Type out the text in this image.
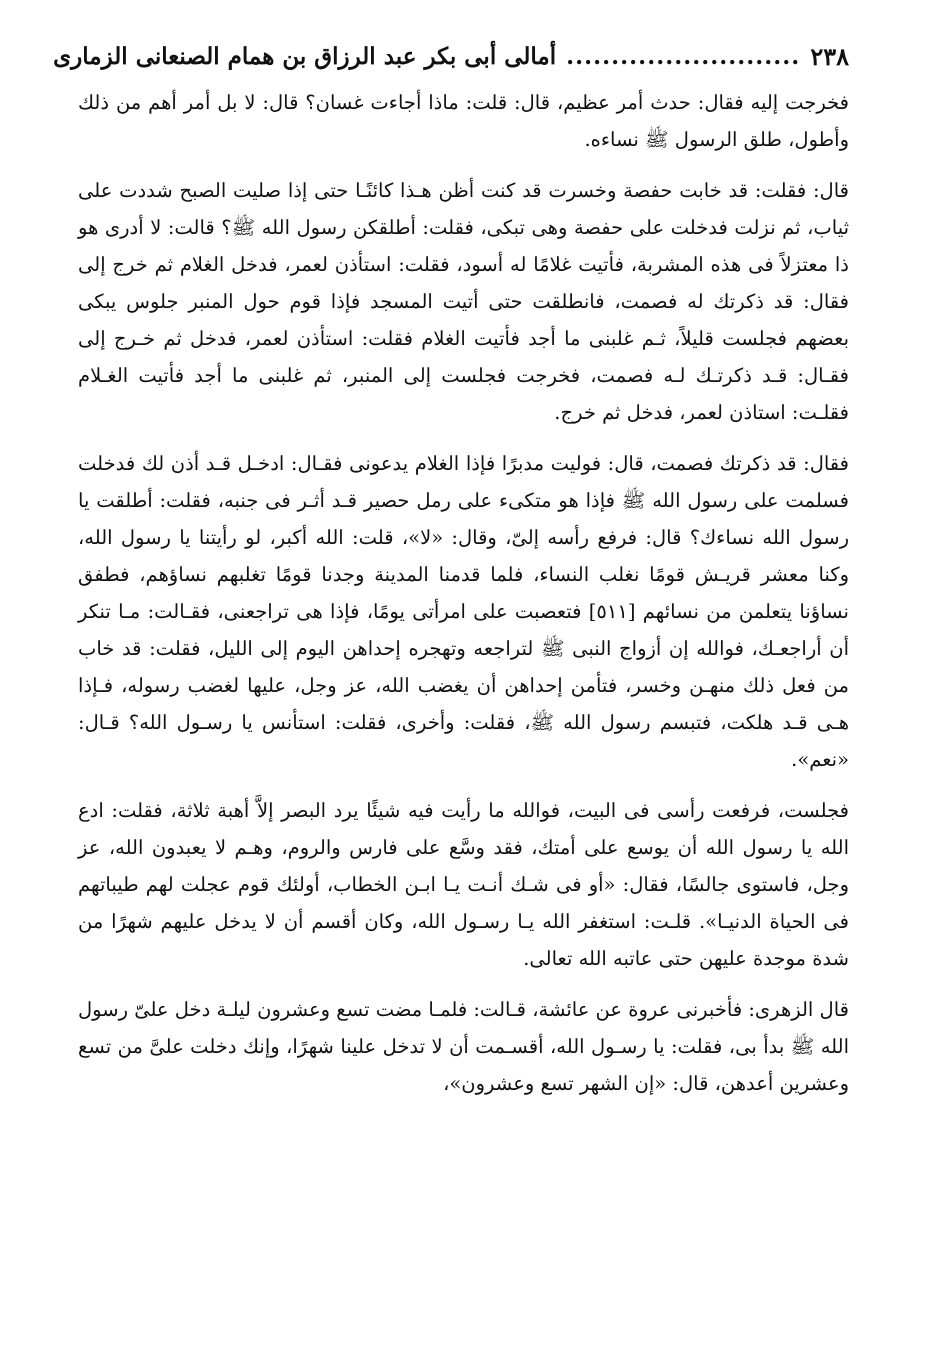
٢٣٨
..........................
أمالى أبى بكر عبد الرزاق بن همام الصنعانى الزمارى

فخرجت إليه فقال: حدث أمر عظيم، قال: قلت: ماذا أجاءت غسان؟ قال: لا بل أمر أهم من ذلك وأطول، طلق الرسول ﷺ نساءه.

قال: فقلت: قد خابت حفصة وخسرت قد كنت أظن هـذا كائنًـا حتى إذا صليت الصبح شددت على ثياب، ثم نزلت فدخلت على حفصة وهى تبكى، فقلت: أطلقكن رسول الله ﷺ؟ قالت: لا أدرى هو ذا معتزلاً فى هذه المشربة، فأتيت غلامًا له أسود، فقلت: استأذن لعمر، فدخل الغلام ثم خرج إلى فقال: قد ذكرتك له فصمت، فانطلقت حتى أتيت المسجد فإذا قوم حول المنبر جلوس يبكى بعضهم فجلست قليلاً، ثـم غلبنى ما أجد فأتيت الغلام فقلت: استأذن لعمر، فدخل ثم خـرج إلى فقـال: قـد ذكرتـك لـه فصمت، فخرجت فجلست إلى المنبر، ثم غلبنى ما أجد فأتيت الغـلام فقلـت: استاذن لعمر، فدخل ثم خرج.

فقال: قد ذكرتك فصمت، قال: فوليت مدبرًا فإذا الغلام يدعونى فقـال: ادخـل قـد أذن لك فدخلت فسلمت على رسول الله ﷺ فإذا هو متكىء على رمل حصير قـد أثـر فى جنبه، فقلت: أطلقت يا رسول الله نساءك؟ قال: فرفع رأسه إلىّ، وقال: «لا»، قلت: الله أكبر، لو رأيتنا يا رسول الله، وكنا معشر قريـش قومًا نغلب النساء، فلما قدمنا المدينة وجدنا قومًا تغلبهم نساؤهم، فطفق نساؤنا يتعلمن من نسائهم [٥١١] فتعصبت على امرأتى يومًا، فإذا هى تراجعنى، فقـالت: مـا تنكر أن أراجعـك، فوالله إن أزواج النبى ﷺ لتراجعه وتهجره إحداهن اليوم إلى الليل، فقلت: قد خاب من فعل ذلك منهـن وخسر، فتأمن إحداهن أن يغضب الله، عز وجل، عليها لغضب رسوله، فـإذا هـى قـد هلكت، فتبسم رسول الله ﷺ، فقلت: وأخرى، فقلت: استأنس يا رسـول الله؟ قـال: «نعم».

فجلست، فرفعت رأسى فى البيت، فوالله ما رأيت فيه شيئًا يرد البصر إلاَّ أهبة ثلاثة، فقلت: ادع الله يا رسول الله أن يوسع على أمتك، فقد وسَّع على فارس والروم، وهـم لا يعبدون الله، عز وجل، فاستوى جالسًا، فقال: «أو فى شـك أنـت يـا ابـن الخطاب، أولئك قوم عجلت لهم طيباتهم فى الحياة الدنيـا». قلـت: استغفر الله يـا رسـول الله، وكان أقسم أن لا يدخل عليهم شهرًا من شدة موجدة عليهن حتى عاتبه الله تعالى.

قال الزهرى: فأخبرنى عروة عن عائشة، قـالت: فلمـا مضت تسع وعشرون ليلـة دخل علىّ رسول الله ﷺ بدأ بى، فقلت: يا رسـول الله، أقسـمت أن لا تدخل علينا شهرًا، وإنك دخلت علىَّ من تسع وعشرين أعدهن، قال: «إن الشهر تسع وعشرون»،
